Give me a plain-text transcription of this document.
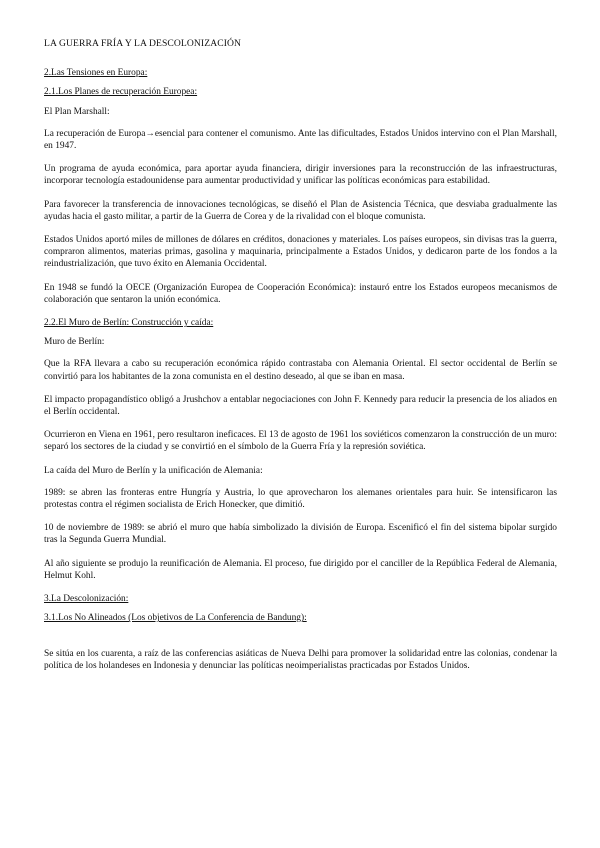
LA GUERRA FRÍA Y LA DESCOLONIZACIÓN
2.Las Tensiones en Europa:
2.1.Los Planes de recuperación Europea:
El Plan Marshall:

La recuperación de Europa→esencial para contener el comunismo. Ante las dificultades, Estados Unidos intervino con el Plan Marshall, en 1947.

Un programa de ayuda económica, para aportar ayuda financiera, dirigir inversiones para la reconstrucción de las infraestructuras, incorporar tecnología estadounidense para aumentar productividad y unificar las políticas económicas para estabilidad.

Para favorecer la transferencia de innovaciones tecnológicas, se diseñó el Plan de Asistencia Técnica, que desviaba gradualmente las ayudas hacia el gasto militar, a partir de la Guerra de Corea y de la rivalidad con el bloque comunista.

Estados Unidos aportó miles de millones de dólares en créditos, donaciones y materiales. Los países europeos, sin divisas tras la guerra, compraron alimentos, materias primas, gasolina y maquinaria, principalmente a Estados Unidos, y dedicaron parte de los fondos a la reindustrialización, que tuvo éxito en Alemania Occidental.

En 1948 se fundó la OECE (Organización Europea de Cooperación Económica): instauró entre los Estados europeos mecanismos de colaboración que sentaron la unión económica.

2.2.El Muro de Berlín: Construcción y caída:
Muro de Berlín:

Que la RFA llevara a cabo su recuperación económica rápido contrastaba con Alemania Oriental. El sector occidental de Berlín se convirtió para los habitantes de la zona comunista en el destino deseado, al que se iban en masa.

El impacto propagandístico obligó a Jrushchov a entablar negociaciones con John F. Kennedy para reducir la presencia de los aliados en el Berlín occidental.

Ocurrieron en Viena en 1961, pero resultaron ineficaces. El 13 de agosto de 1961 los soviéticos comenzaron la construcción de un muro: separó los sectores de la ciudad y se convirtió en el símbolo de la Guerra Fría y la represión soviética.

La caída del Muro de Berlín y la unificación de Alemania:

1989: se abren las fronteras entre Hungría y Austria, lo que aprovecharon los alemanes orientales para huir. Se intensificaron las protestas contra el régimen socialista de Erich Honecker, que dimitió.

10 de noviembre de 1989: se abrió el muro que había simbolizado la división de Europa. Escenificó el fin del sistema bipolar surgido tras la Segunda Guerra Mundial.

Al año siguiente se produjo la reunificación de Alemania. El proceso, fue dirigido por el canciller de la República Federal de Alemania, Helmut Kohl.

3.La Descolonización:
3.1.Los No Alineados (Los objetivos de La Conferencia de Bandung):

Se sitúa en los cuarenta, a raíz de las conferencias asiáticas de Nueva Delhi para promover la solidaridad entre las colonias, condenar la política de los holandeses en Indonesia y denunciar las políticas neoimperialistas practicadas por Estados Unidos.
